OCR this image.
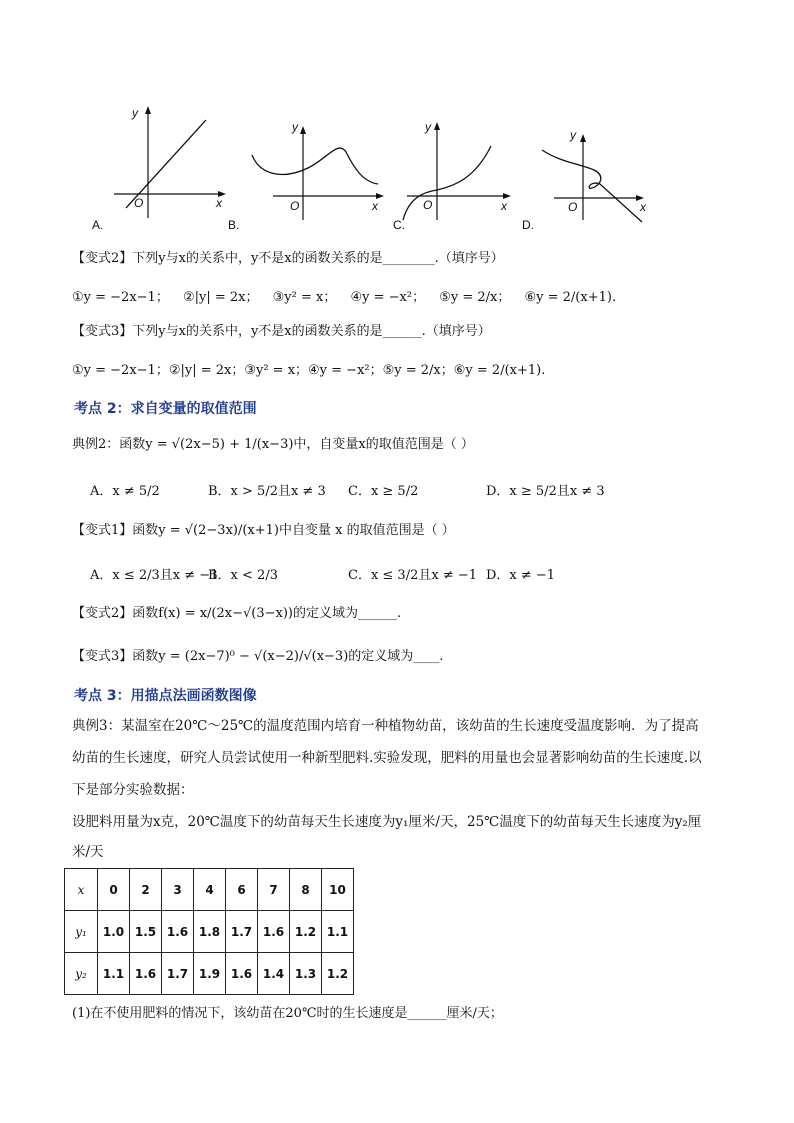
y
x
O
A.
y
x
O
B.
y
x
O
C.
y
x
O
D.
【变式2】下列y与x的关系中，y不是x的函数关系的是________.（填序号）
①y = −2x−1； ②|y| = 2x； ③y² = x； ④y = −x²； ⑤y = 2/x； ⑥y = 2/(x+1).
【变式3】下列y与x的关系中，y不是x的函数关系的是______.（填序号）
①y = −2x−1；②|y| = 2x；③y² = x；④y = −x²；⑤y = 2/x；⑥y = 2/(x+1).
考点 2：求自变量的取值范围
典例2：函数y = √(2x−5) + 1/(x−3)中，自变量x的取值范围是（ ）
A．x ≠ 5/2	B．x > 5/2且x ≠ 3 C．x ≥ 5/2	D．x ≥ 5/2且x ≠ 3
【变式1】函数y = √(2−3x)/(x+1)中自变量 x 的取值范围是（ ）
A．x ≤ 2/3且x ≠ −1
B．x < 2/3	C．x ≤ 3/2且x ≠ −1 D．x ≠ −1
【变式2】函数f(x) = x/(2x−√(3−x))的定义域为______.
【变式3】函数y = (2x−7)⁰ − √(x−2)/√(x−3)的定义域为____.
考点 3：用描点法画函数图像
典例3：某温室在20℃～25℃的温度范围内培育一种植物幼苗，该幼苗的生长速度受温度影响．为了提高
幼苗的生长速度，研究人员尝试使用一种新型肥料.实验发现，肥料的用量也会显著影响幼苗的生长速度.以
下是部分实验数据：
设肥料用量为x克，20℃温度下的幼苗每天生长速度为y₁厘米/天，25℃温度下的幼苗每天生长速度为y₂厘
米/天
x	0	2	3	4	6	7	8	10
y₁	1.0	1.5	1.6	1.8	1.7	1.6	1.2	1.1
y₂	1.1	1.6	1.7	1.9	1.6	1.4	1.3	1.2
(1)在不使用肥料的情况下，该幼苗在20℃时的生长速度是______厘米/天；
